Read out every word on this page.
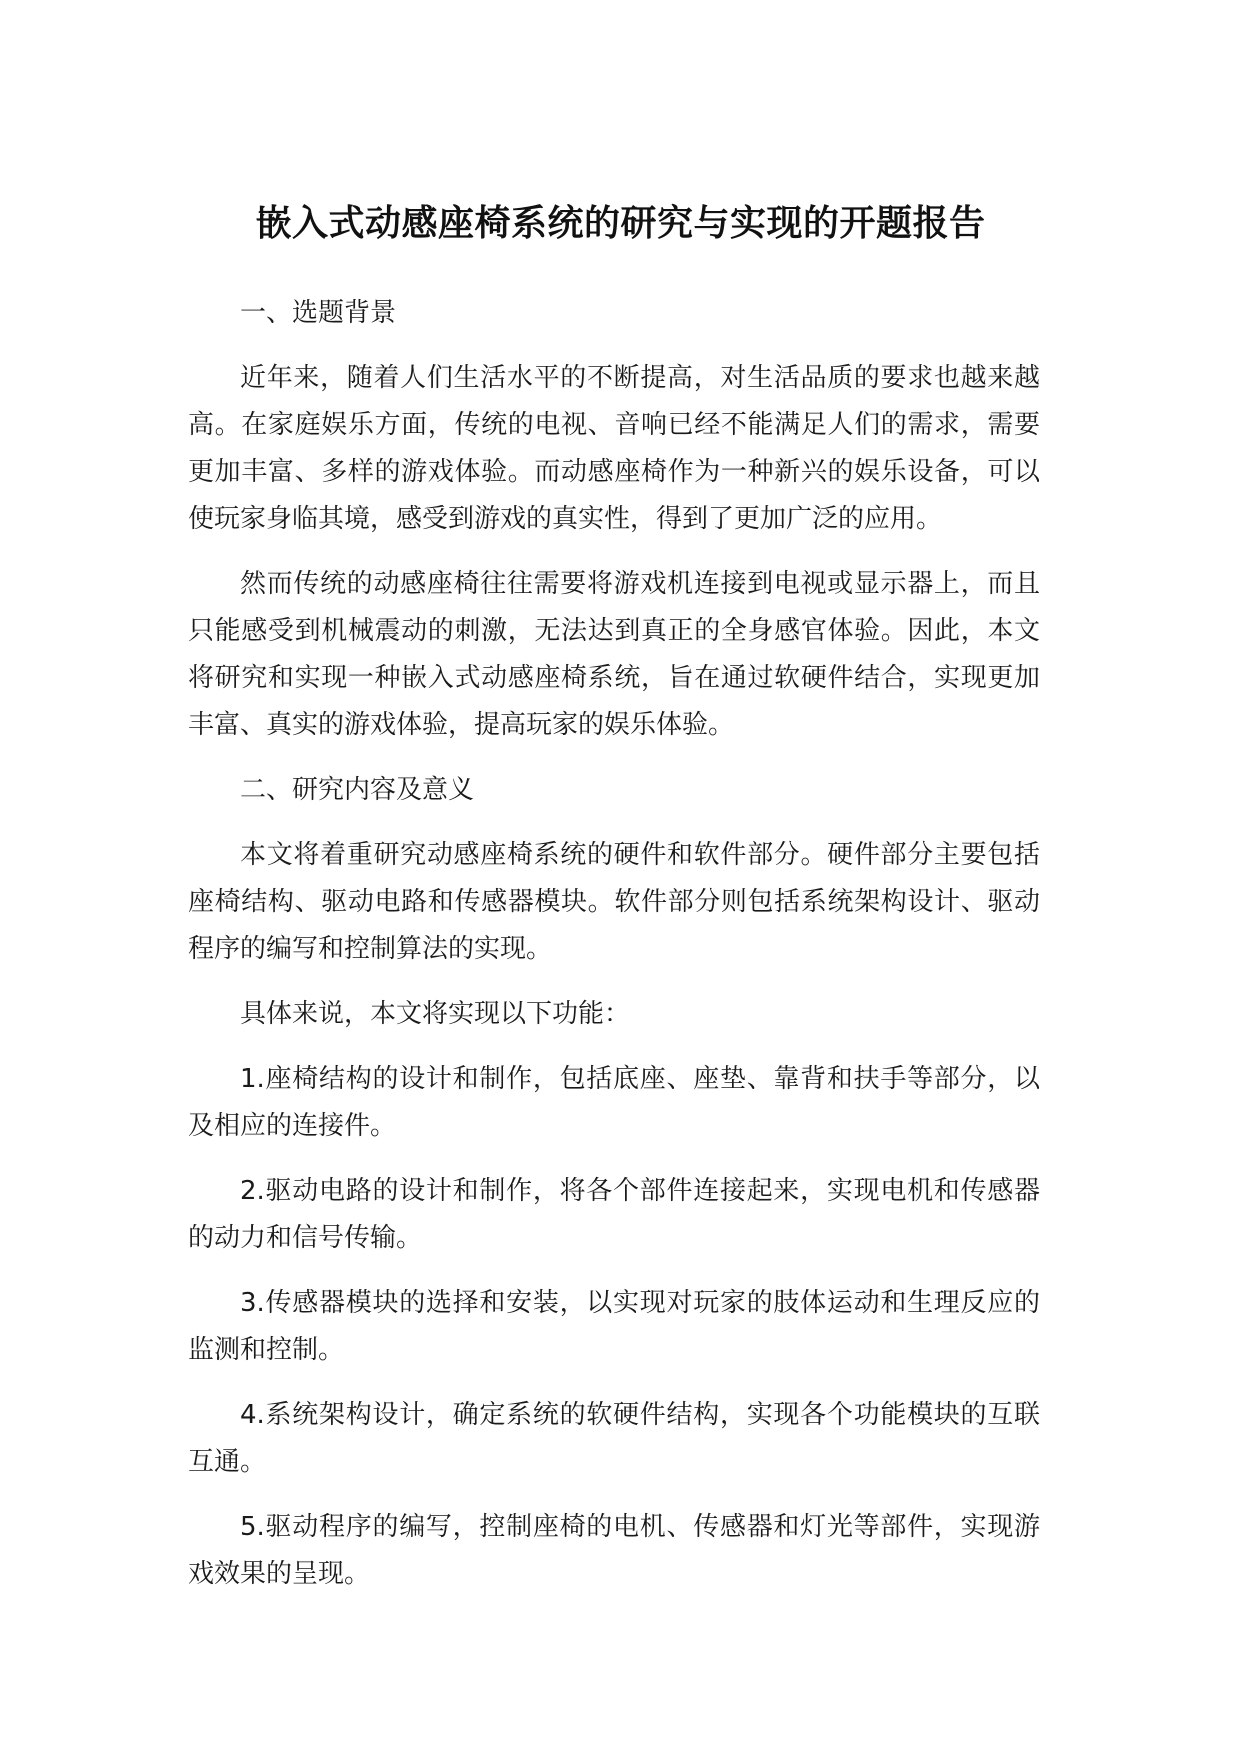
嵌入式动感座椅系统的研究与实现的开题报告

一、选题背景

近年来，随着人们生活水平的不断提高，对生活品质的要求也越来越高。在家庭娱乐方面，传统的电视、音响已经不能满足人们的需求，需要更加丰富、多样的游戏体验。而动感座椅作为一种新兴的娱乐设备，可以使玩家身临其境，感受到游戏的真实性，得到了更加广泛的应用。

然而传统的动感座椅往往需要将游戏机连接到电视或显示器上，而且只能感受到机械震动的刺激，无法达到真正的全身感官体验。因此，本文将研究和实现一种嵌入式动感座椅系统，旨在通过软硬件结合，实现更加丰富、真实的游戏体验，提高玩家的娱乐体验。

二、研究内容及意义

本文将着重研究动感座椅系统的硬件和软件部分。硬件部分主要包括座椅结构、驱动电路和传感器模块。软件部分则包括系统架构设计、驱动程序的编写和控制算法的实现。

具体来说，本文将实现以下功能：

1.座椅结构的设计和制作，包括底座、座垫、靠背和扶手等部分，以及相应的连接件。

2.驱动电路的设计和制作，将各个部件连接起来，实现电机和传感器的动力和信号传输。

3.传感器模块的选择和安装，以实现对玩家的肢体运动和生理反应的监测和控制。

4.系统架构设计，确定系统的软硬件结构，实现各个功能模块的互联互通。

5.驱动程序的编写，控制座椅的电机、传感器和灯光等部件，实现游戏效果的呈现。
